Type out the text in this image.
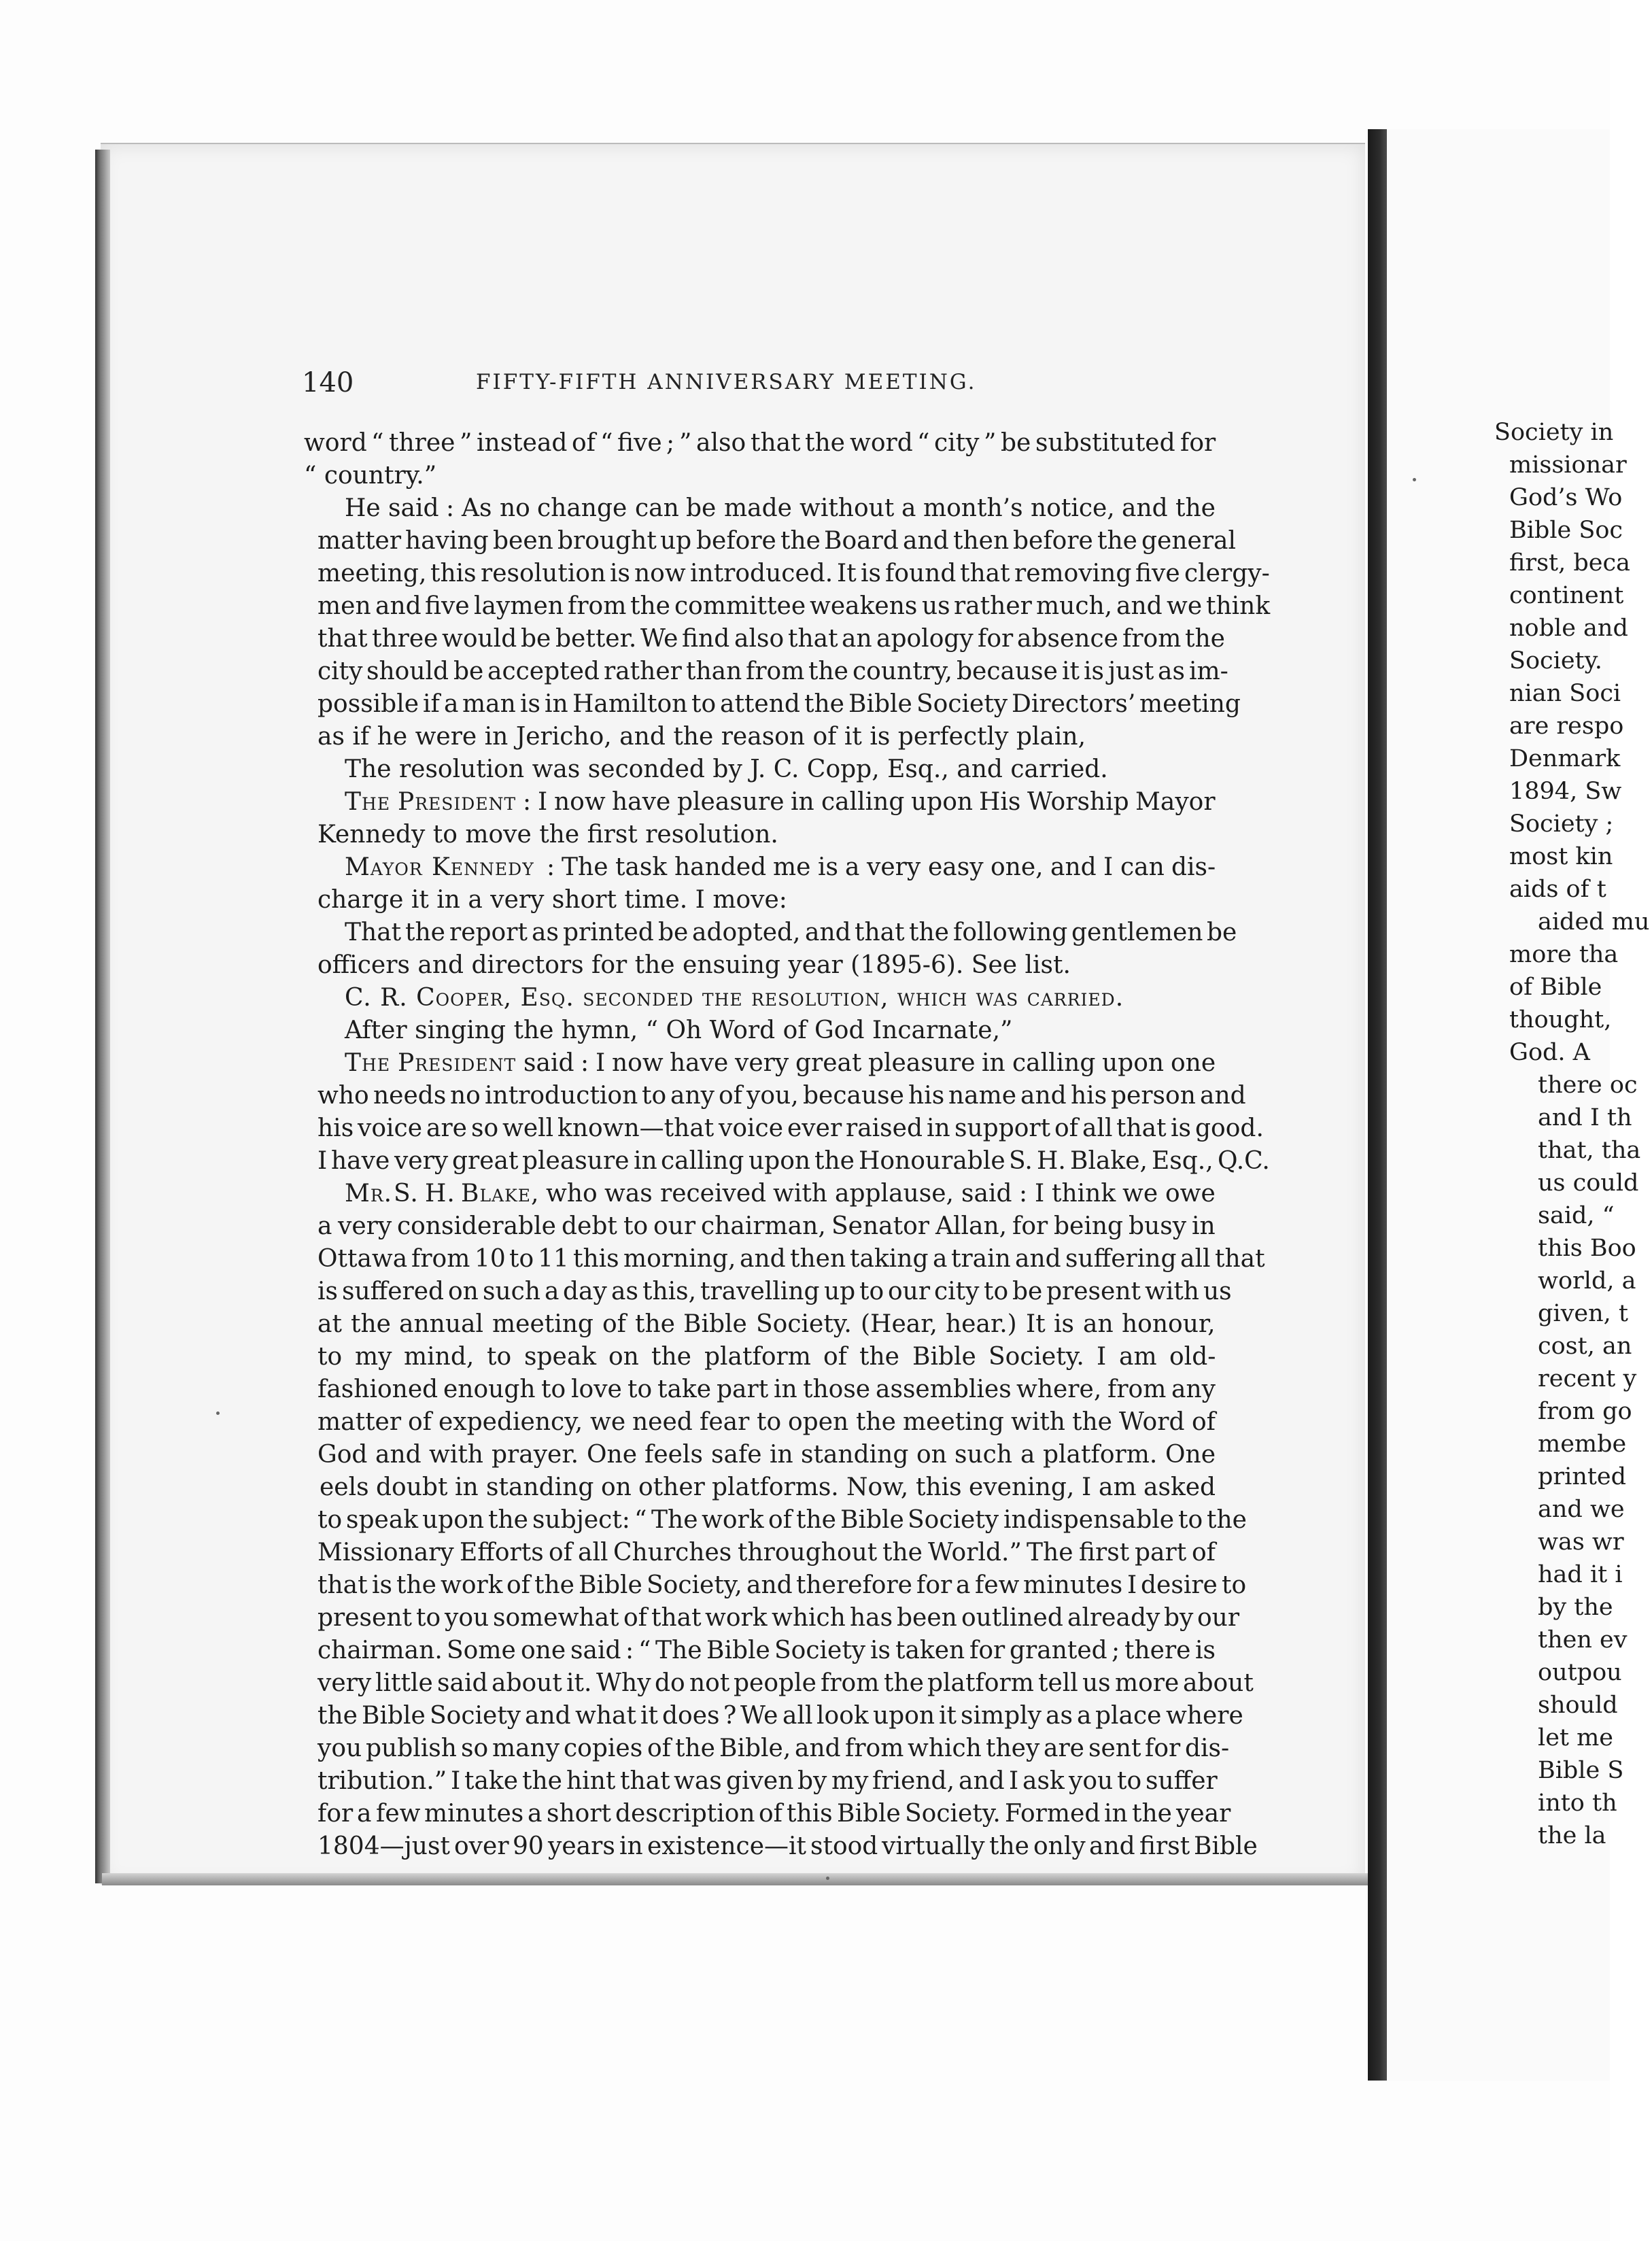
140	FIFTY-FIFTH ANNIVERSARY MEETING.
word “ three ” instead of “ five ; ” also that the word “ city ” be substituted for
“ country.”
He said : As no change can be made without a month’s notice, and the
matter having been brought up before the Board and then before the general
meeting, this resolution is now introduced. It is found that removing five clergy-
men and five laymen from the committee weakens us rather much, and we think
that three would be better. We find also that an apology for absence from the
city should be accepted rather than from the country, because it is just as im-
possible if a man is in Hamilton to attend the Bible Society Directors’ meeting
as if he were in Jericho, and the reason of it is perfectly plain,
The resolution was seconded by J. C. Copp, Esq., and carried.
The President : I now have pleasure in calling upon His Worship Mayor
Kennedy to move the first resolution.
Mayor Kennedy : The task handed me is a very easy one, and I can dis-
charge it in a very short time. I move:
That the report as printed be adopted, and that the following gentlemen be
officers and directors for the ensuing year (1895-6). See list.
C. R. Cooper, Esq. seconded the resolution, which was carried.
After singing the hymn, “ Oh Word of God Incarnate,”
The President said : I now have very great pleasure in calling upon one
who needs no introduction to any of you, because his name and his person and
his voice are so well known—that voice ever raised in support of all that is good.
I have very great pleasure in calling upon the Honourable S. H. Blake, Esq., Q.C.
Mr. S. H. Blake, who was received with applause, said : I think we owe
a very considerable debt to our chairman, Senator Allan, for being busy in
Ottawa from 10 to 11 this morning, and then taking a train and suffering all that
is suffered on such a day as this, travelling up to our city to be present with us
at the annual meeting of the Bible Society. (Hear, hear.) It is an honour,
to my mind, to speak on the platform of the Bible Society. I am old-
fashioned enough to love to take part in those assemblies where, from any
matter of expediency, we need fear to open the meeting with the Word of
God and with prayer. One feels safe in standing on such a platform. One
eels doubt in standing on other platforms. Now, this evening, I am asked
to speak upon the subject: “ The work of the Bible Society indispensable to the
Missionary Efforts of all Churches throughout the World.” The first part of
that is the work of the Bible Society, and therefore for a few minutes I desire to
present to you somewhat of that work which has been outlined already by our
chairman. Some one said : “ The Bible Society is taken for granted ; there is
very little said about it. Why do not people from the platform tell us more about
the Bible Society and what it does ? We all look upon it simply as a place where
you publish so many copies of the Bible, and from which they are sent for dis-
tribution.” I take the hint that was given by my friend, and I ask you to suffer
for a few minutes a short description of this Bible Society. Formed in the year
1804—just over 90 years in existence—it stood virtually the only and first Bible
Society in
missionar
God’s Wo
Bible Soc
first, beca
continent
noble and
Society.
nian Soci
are respo
Denmark
1894, Sw
Society ;
most kin
aids of t
aided mu
more tha
of Bible
thought,
God. A
there oc
and I th
that, tha
us could
said, “
this Boo
world, a
given, t
cost, an
recent y
from go
membe
printed
and we
was wr
had it i
by the
then ev
outpou
should
let me
Bible S
into th
the la
